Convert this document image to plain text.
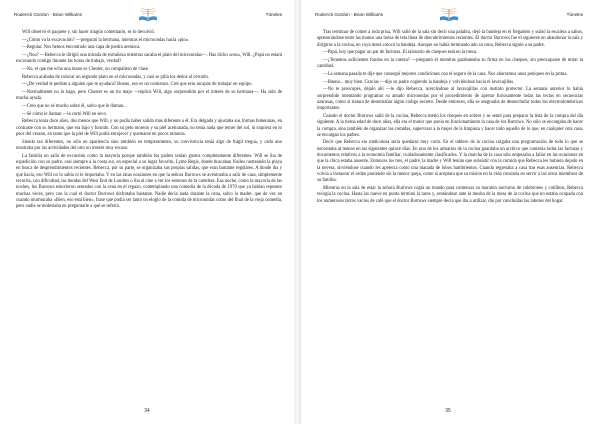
Roderick Gordon - Brian Williams	Túneles

Will observó el paquete y, sin hacer ningún comentario, se lo devolvió.

—¿Cómo va la excavación? —preguntó la hermana, mientras el microondas hacía «pin».

—Regular. Nos hemos encontrado una capa de piedra arenisca.

—¿Noo? —Rebecca le dirigió una mirada de extrañeza mientras sacaba el plato del microondas—. Has dicho «nos», Will. ¿Papá no estará excavando contigo durante las horas de trabajo, verdad?

—No, el que me echa una mano es Chester, un compañero de clase.

Rebecca acababa de colocar un segundo plato en el microondas, y casi se pilla los dedos al cerrarlo.

—¿De verdad le pediste a alguien que te ayudara? Bueno, eso es un comienzo. Creí que eras incapaz de trabajar en equipo.

—Normalmente no lo hago, pero Chester es un tío majo —replicó Will, algo sorprendido por el interés de su hermana—. Ha sido de mucha ayuda.

—Creo que no sé mucho sobre él, salvo que le llaman...

—Sé cómo le llaman —la cortó Will en seco.

Rebecca tenía doce años, dos menos que Will, y no podía haber salido más diferente a él. Era delgada y ajustaba sus formas femeninas, en contraste con su hermano, que era bajo y fornido. Con su pelo moreno y su piel aceitunada, no tenía nada que temer del sol, ni siquiera en lo peor del verano, en tanto que la piel de Will podía enrojecer y quemarse en pocos minutos.

Siendo tan diferentes, no sólo en apariencia sino también en temperamento, su convivencia tenía algo de frágil tregua, y cada uno mostraba por las actividades del otro un interés muy escaso.

La familia no salía de excursión como la mayoría porque también los padres tenían gustos completamente diferentes. Will se iba de expedición con su padre, casi siempre a la costa sur, en especial a su lugar favorito, Lyme Regis, donde buscaban fósiles rastreando la playa en busca de desprendimientos recientes. Rebecca, por su parte, se organizaba sus propias salidas, que eran bastante regulares. A donde iba y qué hacía, eso Will no lo sabía ni le importaba. Y en las raras ocasiones en que la señora Burrows se aventuraba a salir de casa, simplemente recorría, con dificultad, las tiendas del West End de Londres o iba al cine a ver los estrenos de la cartelera. Esa noche, como la mayoría de las noches, los Burrows estuvieron sentados con la cena en el regazo, contemplando una comedia de la década de 1970 que ya habían repuesto muchas veces, pero con la cual el doctor Burrows disfrutaba bastante. Nadie decía nada durante la cena, salvo la madre, que de vez en cuando murmuraba «Bien, eso está bien», frase que podía ser tanto un elogio de la comida de microondas como del final de la vieja comedia, pero nadie se molestaba en preguntarle a qué se refería.

34
Roderick Gordon - Brian Williams	Túneles

Tras terminar de comer a toda prisa, Will salió de la sala sin decir una palabra, dejó la bandeja en el fregadero y subió la escalera a saltos, apresurándose entre las manos una bolsa de tela llena de descubrimientos recientes. El doctor Burrows fue el siguiente en abandonar la sala y dirigirse a la cocina, en cuya mesa colocó la bandeja. Aunque no había terminado aún su cena, Rebecca siguió a su padre.

—Papá, hoy que pagar un par de facturas. El talonario de cheques está en la mesa.

—¿Tenemos suficientes fondos en la cuenta? —preguntó él mientras garabateaba su firma en los cheques, sin preocuparse de mirar la cantidad.

—La semana pasada te dije que conseguí mejores condiciones con el seguro de la casa. Nos ahorramos unos peniques en la prima.

—Bueno... muy bien. Gracias —dijo su padre cogiendo la bandeja y volviéndose hacia el lavavajillas.

—No te preocupes, déjalo ahí —le dijo Rebecca, acercándose al lavavajillas con instinto protector. La semana anterior lo había sorprendido intentando programar su amado microondas por el procedimiento de apretar furiosamente todas las teclas en secuencias azarosas, como si tratara de desentrañar algún código secreto. Desde entonces, ella se aseguraba de desenchufar todos los electrodomésticos importantes.

Cuando el doctor Burrows salió de la cocina, Rebecca metió los cheques en sobres y se sentó para preparar la lista de la compra del día siguiente. A la tierna edad de doce años, ella era el motor que ponía en funcionamiento la casa de los Burrows. No sólo se encargaba de hacer la compra, sino también de organizar las comidas, supervisar a la mujer de la limpieza y hacer todo aquello de lo que, en cualquier otra casa, se encargan los padres.

Decir que Rebecca era meticulosa sería quedarse muy corto. En el tablero de la cocina colgaba una programación de todo lo que se necesitaba al menos en las siguientes quince días. En uno de los armarios de la cocina guardaba un archivo que contenía todas las facturas y documentos relativos a la economía familiar, cuidadosamente clasificados. Y la marcha de la casa sólo empezaba a fallar en las ocasiones en que la chica estaba ausente. Entonces los tres, el padre, la madre y Will tenían que subsistir con la comida que Rebecca les hubiera dejado en la nevera, sirviéndose cuando les apetecía como una manada de lobos hambrientos. Cuando regresaba a casa tras esas ausencias, Rebecca volvía a instaurar el orden poniendo sin la menor queja, como si aceptara que su misión en la vida consistía en servir a los otros miembros de su familia.

Mientras en la sala de estar la señora Burrows cogía un mando para comenzar su maratón nocturno de culebrones y cotilleos, Rebecca recogía la cocina. Hasta las nueve en punto terminó la tarea y, sentándose ante la mesita de la mesa de la cocina que no estaba ocupada con los numerosos tarros vacíos de café que el doctor Burrows siempre decía que iba a utilizar, dio por concluidas las labores del hogar.

35
